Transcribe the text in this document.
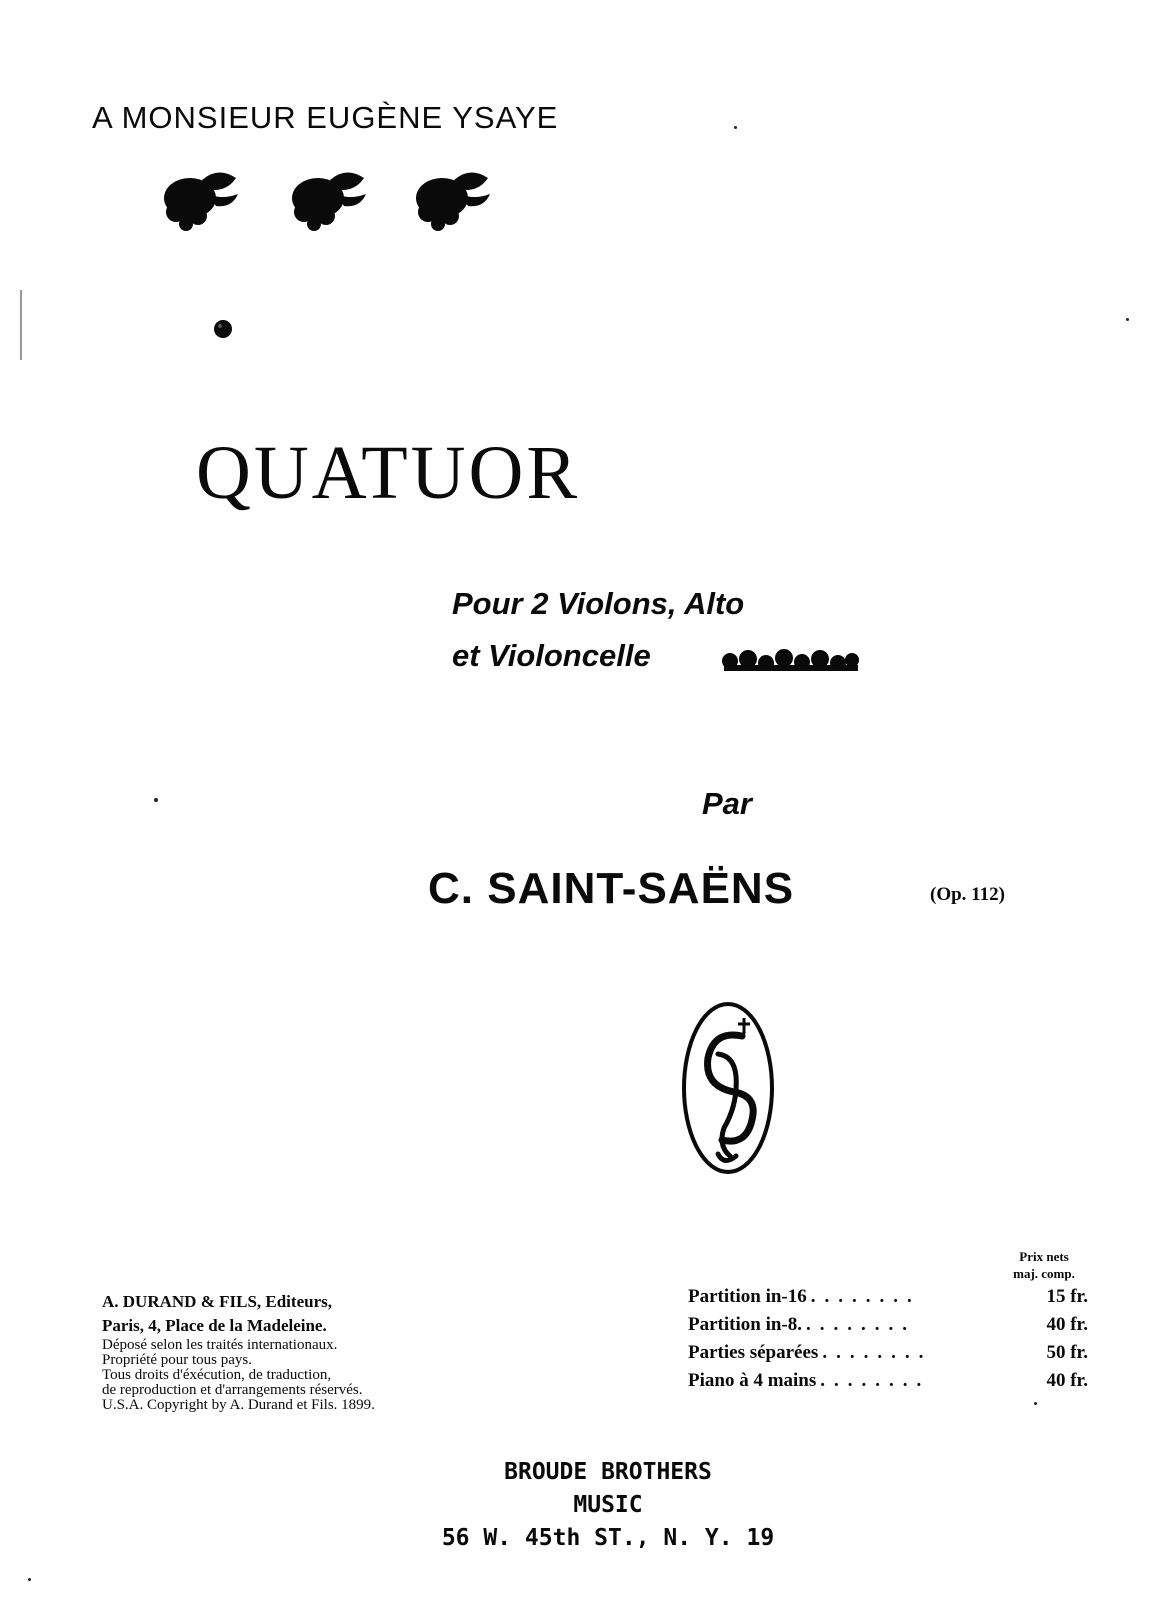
A MONSIEUR EUGÈNE YSAYE
QUATUOR
Pour 2 Violons, Alto
et Violoncelle
Par
C. SAINT-SAËNS	(Op. 112)
A. DURAND & FILS, Editeurs,
Paris, 4, Place de la Madeleine.
Déposé selon les traités internationaux.
Propriété pour tous pays.
Tous droits d'éxécution, de traduction,
de reproduction et d'arrangements réservés.
U.S.A. Copyright by A. Durand et Fils. 1899.
Prix nets
maj. comp.
Partition in-16 ........	15 fr.
Partition in-8. ........	40 fr.
Parties séparées ........	50 fr.
Piano à 4 mains ........	40 fr.
BROUDE BROTHERS
MUSIC
56 W. 45th ST., N. Y. 19
